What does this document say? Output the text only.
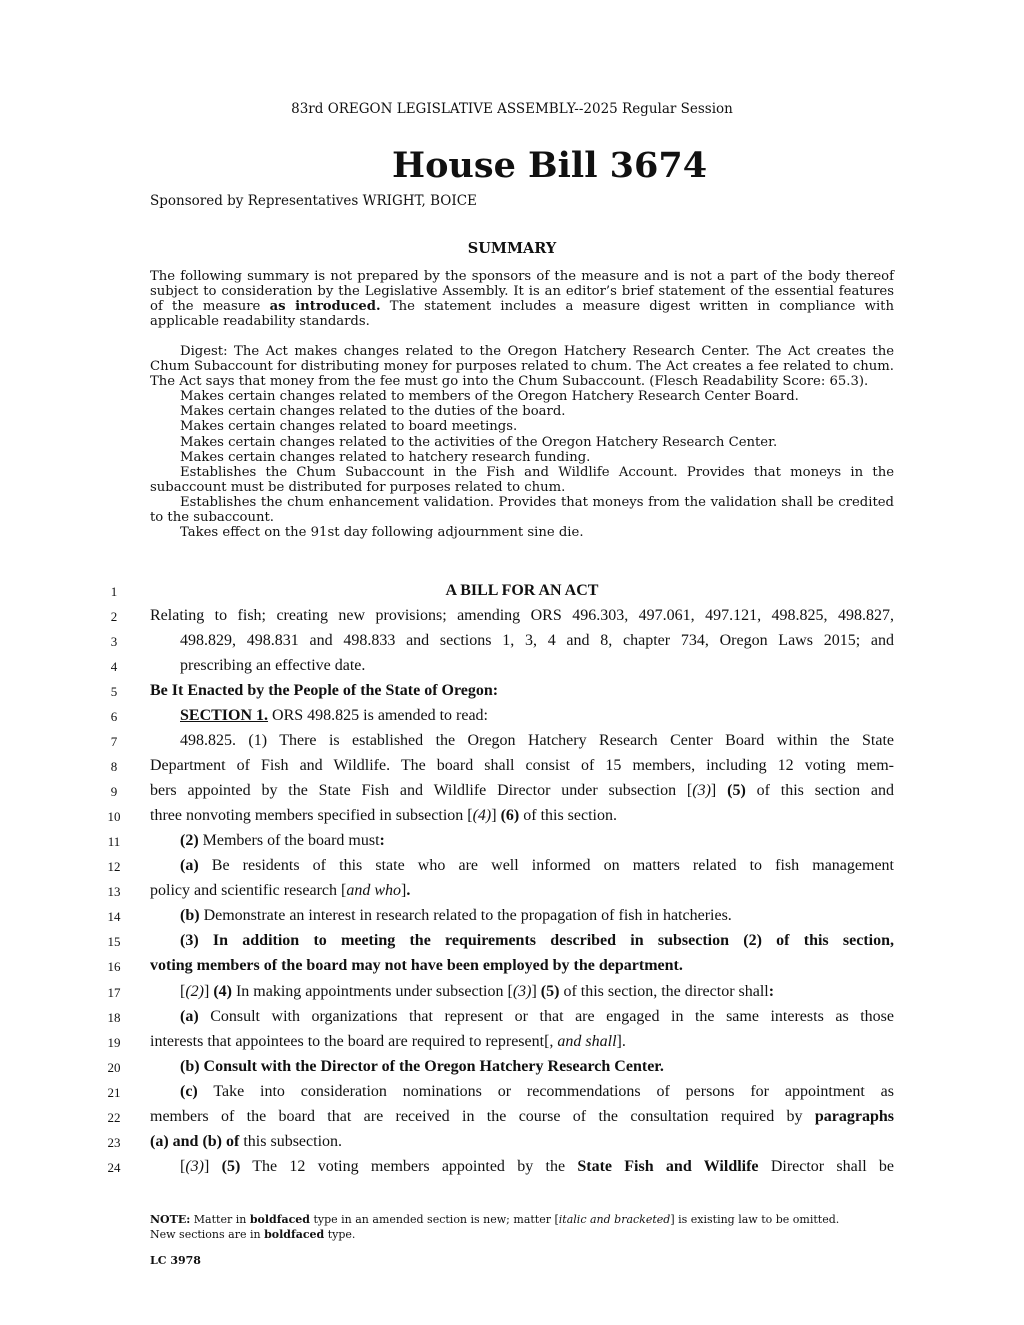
83rd OREGON LEGISLATIVE ASSEMBLY--2025 Regular Session
House Bill 3674
Sponsored by Representatives WRIGHT, BOICE
SUMMARY

The following summary is not prepared by the sponsors of the measure and is not a part of the body thereof subject to consideration by the Legislative Assembly. It is an editor’s brief statement of the essential features of the measure as introduced. The statement includes a measure digest written in compliance with applicable readability standards.

Digest: The Act makes changes related to the Oregon Hatchery Research Center. The Act creates the Chum Subaccount for distributing money for purposes related to chum. The Act creates a fee related to chum. The Act says that money from the fee must go into the Chum Subaccount. (Flesch Readability Score: 65.3).

Makes certain changes related to members of the Oregon Hatchery Research Center Board.

Makes certain changes related to the duties of the board.

Makes certain changes related to board meetings.

Makes certain changes related to the activities of the Oregon Hatchery Research Center.

Makes certain changes related to hatchery research funding.

Establishes the Chum Subaccount in the Fish and Wildlife Account. Provides that moneys in the subaccount must be distributed for purposes related to chum.

Establishes the chum enhancement validation. Provides that moneys from the validation shall be credited to the subaccount.

Takes effect on the 91st day following adjournment sine die.

1
2
3
4
5
6
7
8
9
10
11
12
13
14
15
16
17
18
19
20
21
22
23
24
A BILL FOR AN ACT
Relating to fish; creating new provisions; amending ORS 496.303, 497.061, 497.121, 498.825, 498.827,
498.829, 498.831 and 498.833 and sections 1, 3, 4 and 8, chapter 734, Oregon Laws 2015; and
prescribing an effective date.
Be It Enacted by the People of the State of Oregon:
SECTION 1. ORS 498.825 is amended to read:
498.825. (1) There is established the Oregon Hatchery Research Center Board within the State
Department of Fish and Wildlife. The board shall consist of 15 members, including 12 voting mem-
bers appointed by the State Fish and Wildlife Director under subsection [(3)] (5) of this section and
three nonvoting members specified in subsection [(4)] (6) of this section.
(2) Members of the board must:
(a) Be residents of this state who are well informed on matters related to fish management
policy and scientific research [and who].
(b) Demonstrate an interest in research related to the propagation of fish in hatcheries.
(3) In addition to meeting the requirements described in subsection (2) of this section,
voting members of the board may not have been employed by the department.
[(2)] (4) In making appointments under subsection [(3)] (5) of this section, the director shall:
(a) Consult with organizations that represent or that are engaged in the same interests as those
interests that appointees to the board are required to represent[, and shall].
(b) Consult with the Director of the Oregon Hatchery Research Center.
(c) Take into consideration nominations or recommendations of persons for appointment as
members of the board that are received in the course of the consultation required by paragraphs
(a) and (b) of this subsection.
[(3)] (5) The 12 voting members appointed by the State Fish and Wildlife Director shall be
NOTE: Matter in boldfaced type in an amended section is new; matter [italic and bracketed] is existing law to be omitted.
New sections are in boldfaced type.
LC 3978
